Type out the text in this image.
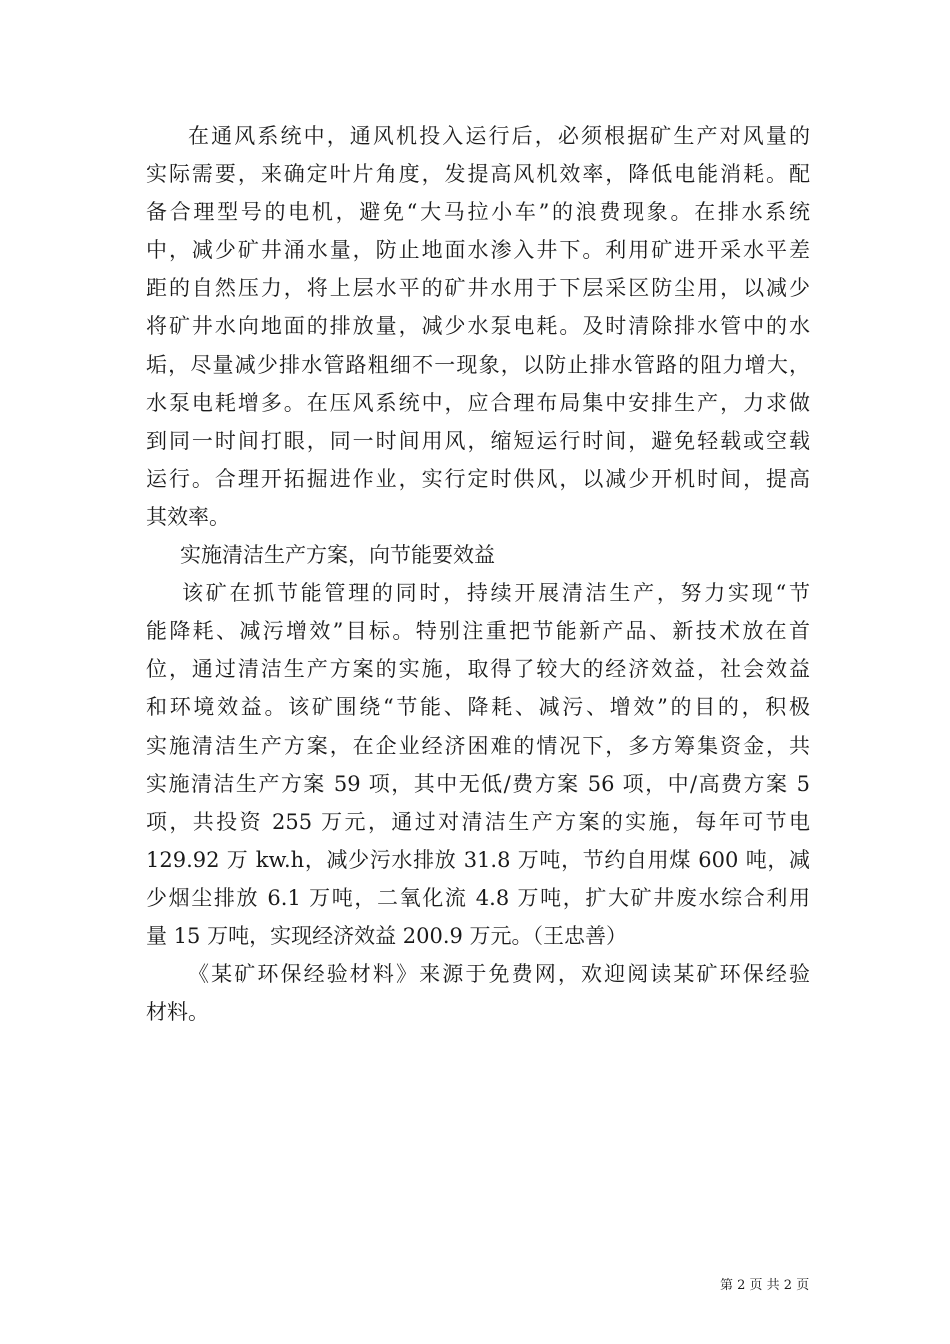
在通风系统中，通风机投入运行后，必须根据矿生产对风量的
实际需要，来确定叶片角度，发提高风机效率，降低电能消耗。配
备合理型号的电机，避免“大马拉小车”的浪费现象。在排水系统
中，减少矿井涌水量，防止地面水渗入井下。利用矿进开采水平差
距的自然压力，将上层水平的矿井水用于下层采区防尘用，以减少
将矿井水向地面的排放量，减少水泵电耗。及时清除排水管中的水
垢，尽量减少排水管路粗细不一现象，以防止排水管路的阻力增大，
水泵电耗增多。在压风系统中，应合理布局集中安排生产，力求做
到同一时间打眼，同一时间用风，缩短运行时间，避免轻载或空载
运行。合理开拓掘进作业，实行定时供风，以减少开机时间，提高
其效率。
实施清洁生产方案，向节能要效益
该矿在抓节能管理的同时，持续开展清洁生产，努力实现“节
能降耗、减污增效”目标。特别注重把节能新产品、新技术放在首
位，通过清洁生产方案的实施，取得了较大的经济效益，社会效益
和环境效益。该矿围绕“节能、降耗、减污、增效”的目的，积极
实施清洁生产方案，在企业经济困难的情况下，多方筹集资金，共
实施清洁生产方案 59 项，其中无低/费方案 56 项，中/高费方案 5
项，共投资 255 万元，通过对清洁生产方案的实施，每年可节电
129.92 万 kw.h，减少污水排放 31.8 万吨，节约自用煤 600 吨，减
少烟尘排放 6.1 万吨，二氧化流 4.8 万吨，扩大矿井废水综合利用
量 15 万吨，实现经济效益 200.9 万元。（王忠善）
《某矿环保经验材料》来源于免费网，欢迎阅读某矿环保经验
材料。
第 2 页 共 2 页
